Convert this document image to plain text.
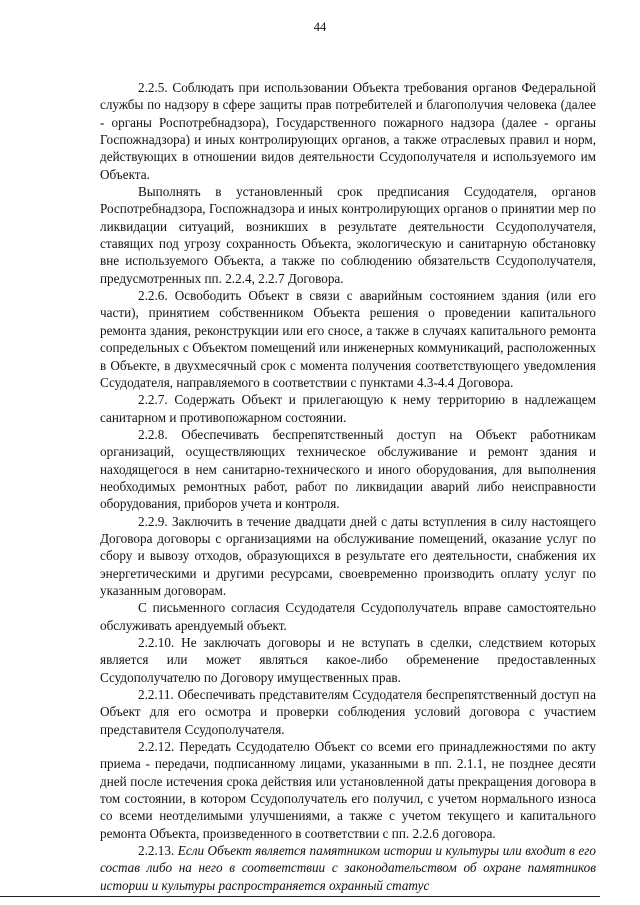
44

2.2.5. Соблюдать при использовании Объекта требования органов Федеральной службы по надзору в сфере защиты прав потребителей и благополучия человека (далее - органы Роспотребнадзора), Государственного пожарного надзора (далее - органы Госпожнадзора) и иных контролирующих органов, а также отраслевых правил и норм, действующих в отношении видов деятельности Ссудополучателя и используемого им Объекта.

Выполнять в установленный срок предписания Ссудодателя, органов Роспотребнадзора, Госпожнадзора и иных контролирующих органов о принятии мер по ликвидации ситуаций, возникших в результате деятельности Ссудополучателя, ставящих под угрозу сохранность Объекта, экологическую и санитарную обстановку вне используемого Объекта, а также по соблюдению обязательств Ссудополучателя, предусмотренных пп. 2.2.4, 2.2.7 Договора.

2.2.6. Освободить Объект в связи с аварийным состоянием здания (или его части), принятием собственником Объекта решения о проведении капитального ремонта здания, реконструкции или его сносе, а также в случаях капитального ремонта сопредельных с Объектом помещений или инженерных коммуникаций, расположенных в Объекте, в двухмесячный срок с момента получения соответствующего уведомления Ссудодателя, направляемого в соответствии с пунктами 4.3-4.4 Договора.

2.2.7. Содержать Объект и прилегающую к нему территорию в надлежащем санитарном и противопожарном состоянии.

2.2.8. Обеспечивать беспрепятственный доступ на Объект работникам организаций, осуществляющих техническое обслуживание и ремонт здания и находящегося в нем санитарно-технического и иного оборудования, для выполнения необходимых ремонтных работ, работ по ликвидации аварий либо неисправности оборудования, приборов учета и контроля.

2.2.9. Заключить в течение двадцати дней с даты вступления в силу настоящего Договора договоры с организациями на обслуживание помещений, оказание услуг по сбору и вывозу отходов, образующихся в результате его деятельности, снабжения их энергетическими и другими ресурсами, своевременно производить оплату услуг по указанным договорам.

С письменного согласия Ссудодателя Ссудополучатель вправе самостоятельно обслуживать арендуемый объект.

2.2.10. Не заключать договоры и не вступать в сделки, следствием которых является или может являться какое-либо обременение предоставленных Ссудополучателю по Договору имущественных прав.

2.2.11. Обеспечивать представителям Ссудодателя беспрепятственный доступ на Объект для его осмотра и проверки соблюдения условий договора с участием представителя Ссудополучателя.

2.2.12. Передать Ссудодателю Объект со всеми его принадлежностями по акту приема - передачи, подписанному лицами, указанными в пп. 2.1.1, не позднее десяти дней после истечения срока действия или установленной даты прекращения договора в том состоянии, в котором Ссудополучатель его получил, с учетом нормального износа со всеми неотделимыми улучшениями, а также с учетом текущего и капитального ремонта Объекта, произведенного в соответствии с пп. 2.2.6 договора.

2.2.13. Если Объект является памятником истории и культуры или входит в его состав либо на него в соответствии с законодательством об охране памятников истории и культуры распространяется охранный статус
